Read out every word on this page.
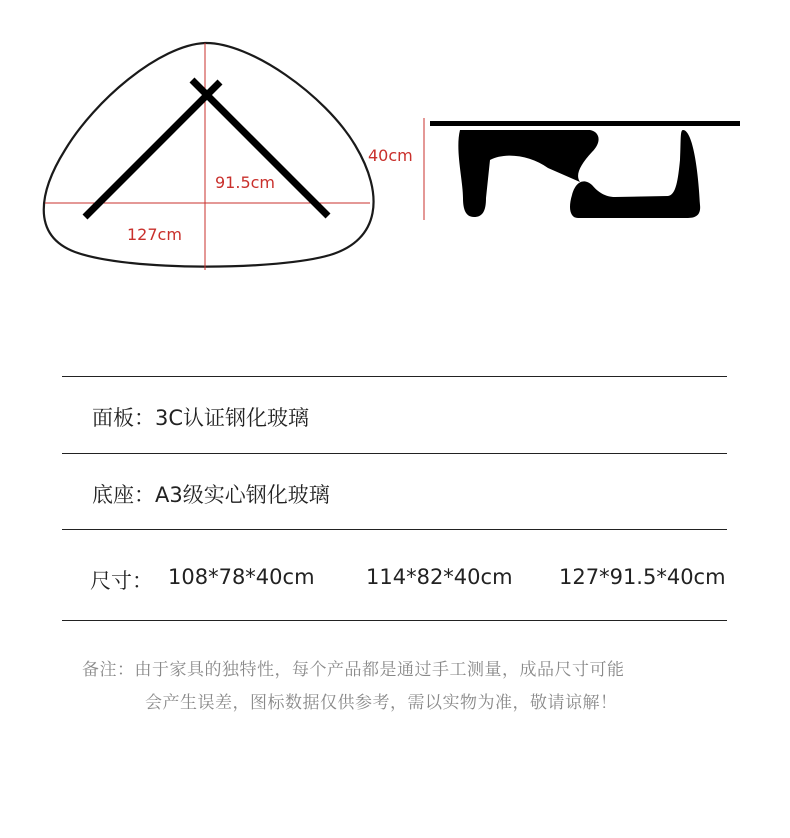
91.5cm
127cm
40cm
面板：3C认证钢化玻璃
底座：A3级实心钢化玻璃
尺寸： 108*78*40cm 114*82*40cm 127*91.5*40cm
备注：由于家具的独特性，每个产品都是通过手工测量，成品尺寸可能
会产生误差，图标数据仅供参考，需以实物为准，敬请谅解！
